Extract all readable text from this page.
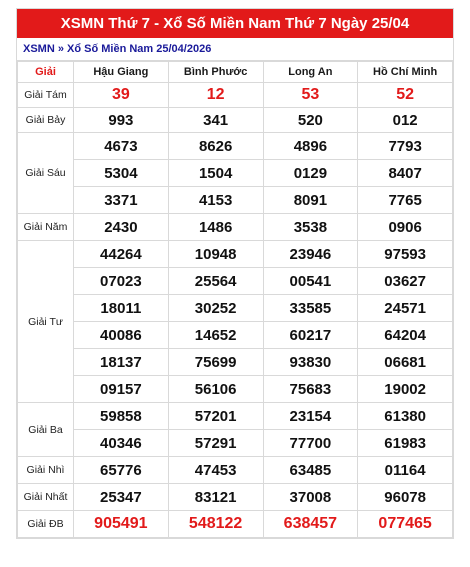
XSMN Thứ 7 - Xổ Số Miền Nam Thứ 7 Ngày 25/04
XSMN » Xổ Số Miền Nam 25/04/2026
Giải	Hậu Giang	Bình Phước	Long An	Hồ Chí Minh
Giải Tám	39	12	53	52
Giải Bảy	993	341	520	012
Giải Sáu	4673	8626	4896	7793
	5304	1504	0129	8407
	3371	4153	8091	7765
Giải Năm	2430	1486	3538	0906
Giải Tư	44264	10948	23946	97593
	07023	25564	00541	03627
	18011	30252	33585	24571
	40086	14652	60217	64204
	18137	75699	93830	06681
	09157	56106	75683	19002
Giải Ba	59858	57201	23154	61380
	40346	57291	77700	61983
Giải Nhì	65776	47453	63485	01164
Giải Nhất	25347	83121	37008	96078
Giải ĐB	905491	548122	638457	077465
